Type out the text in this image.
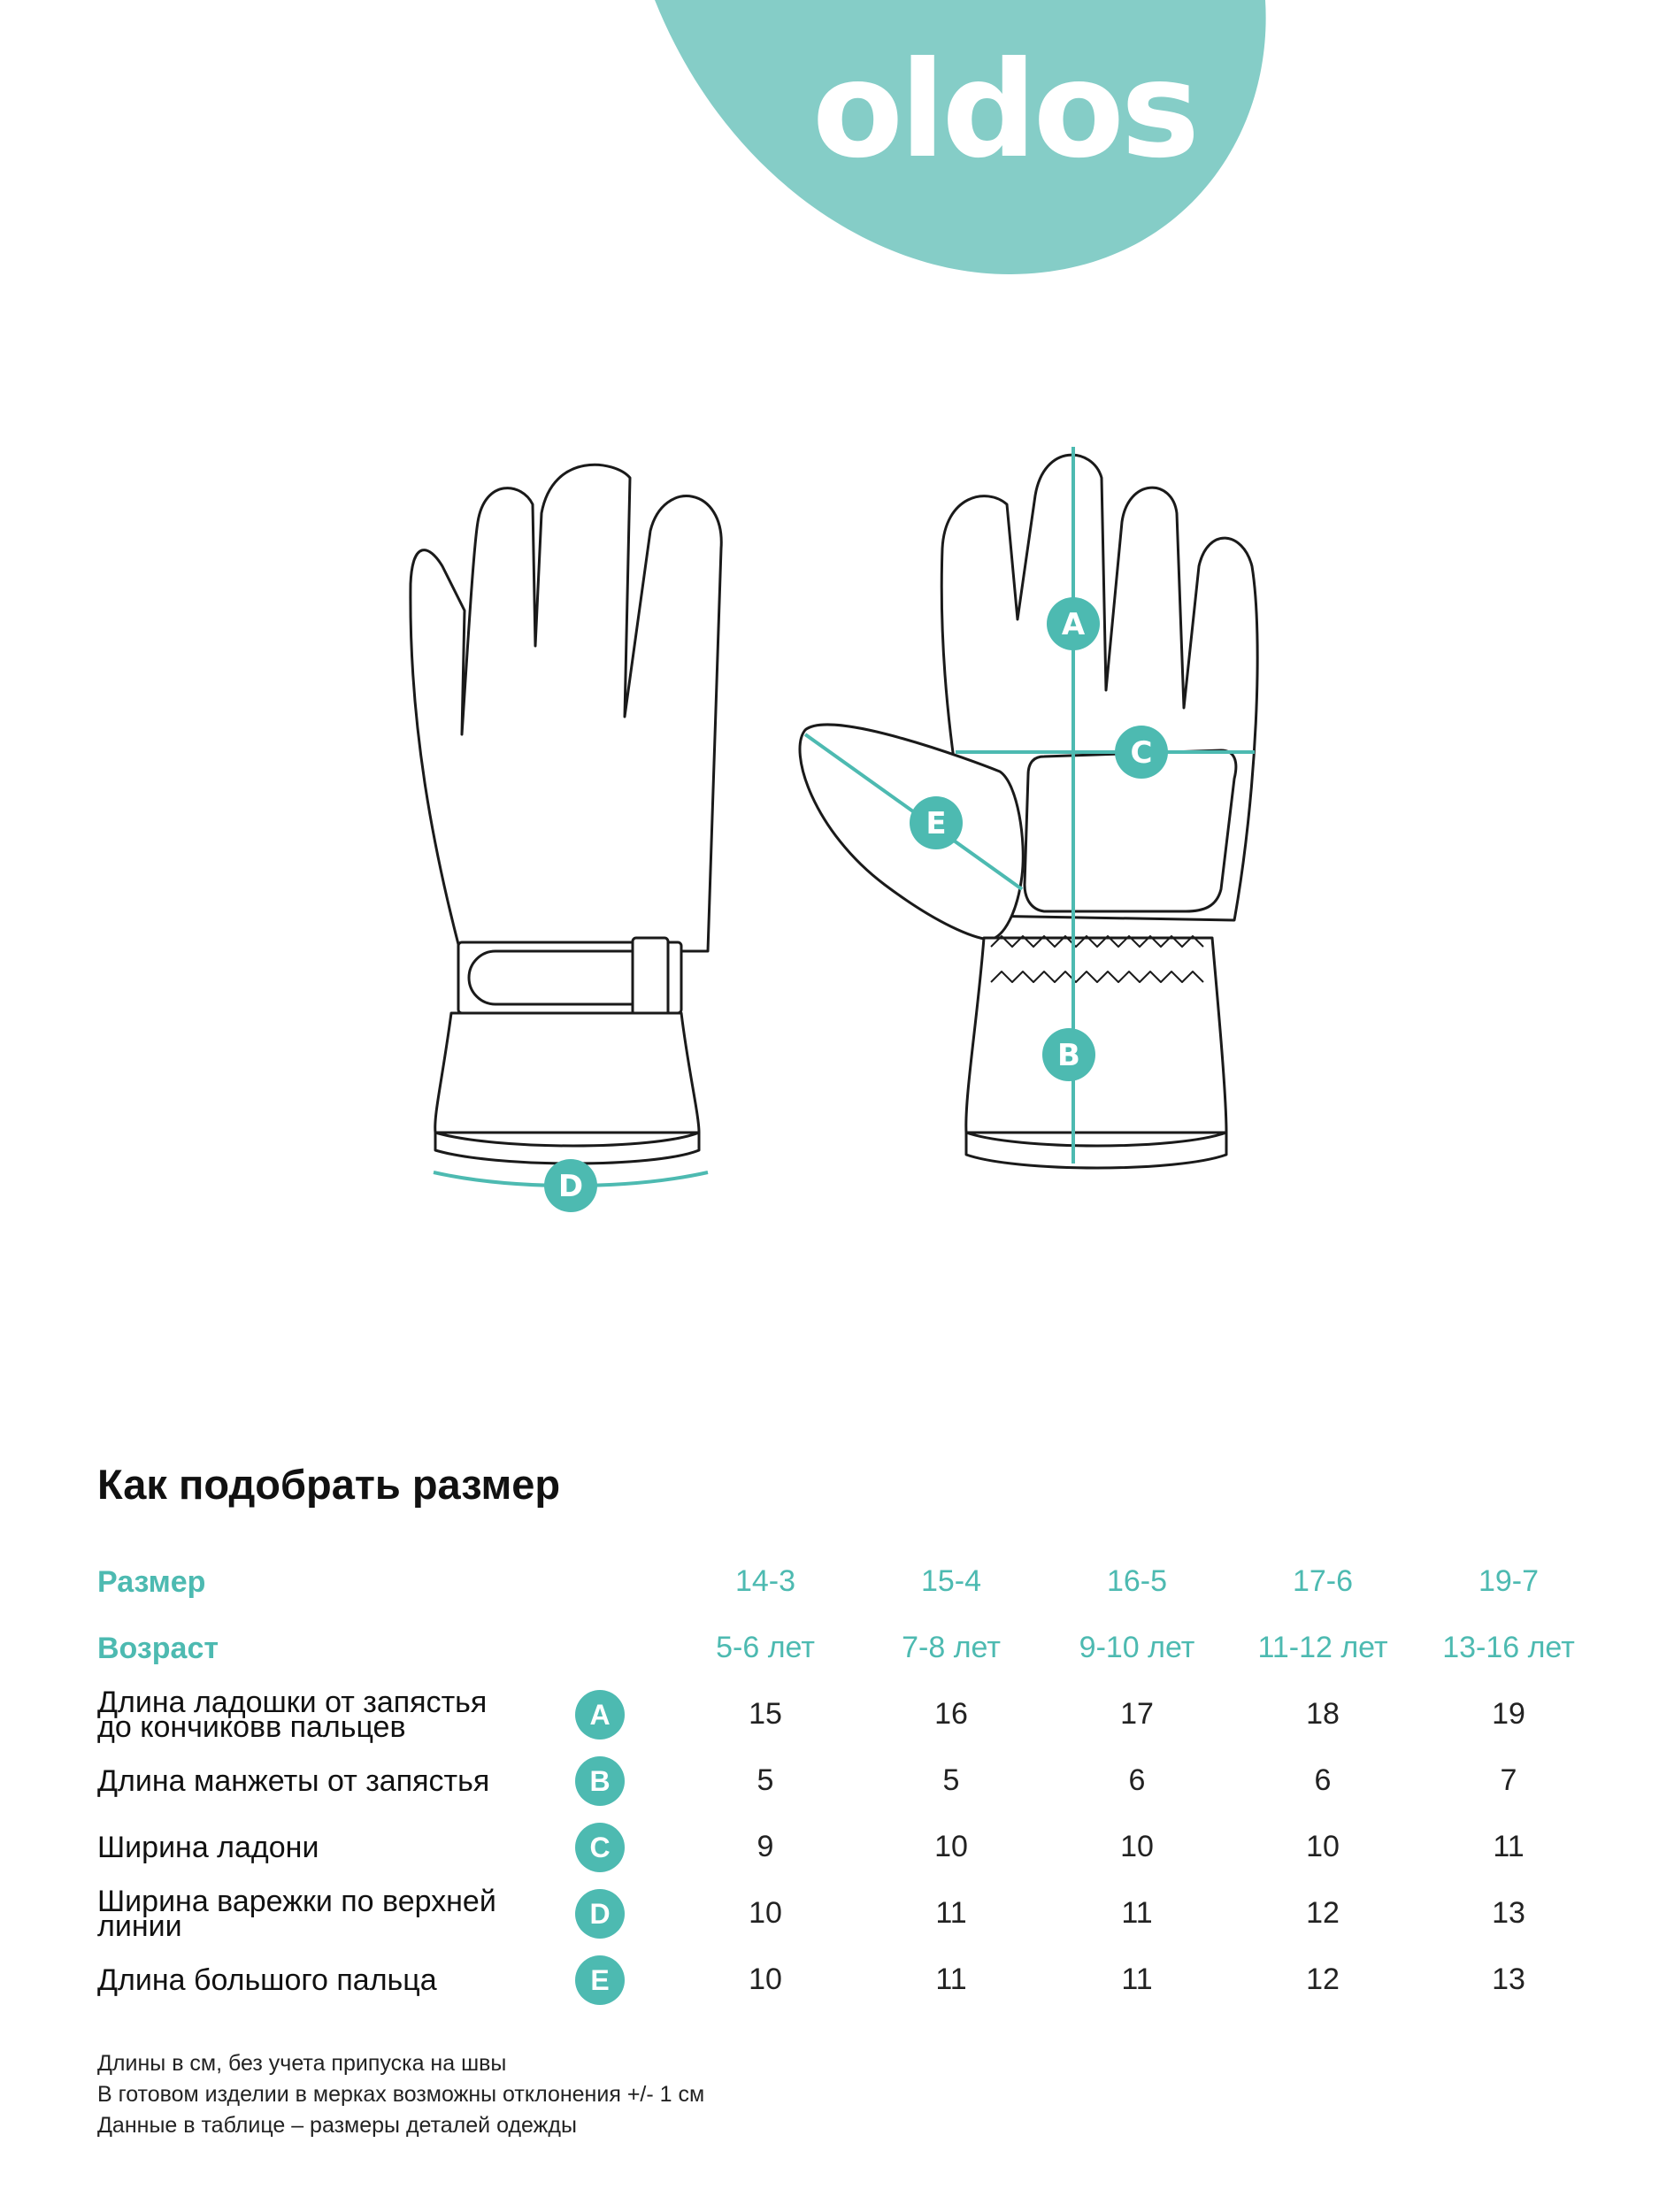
oldos
A
B
C
D
E
Как подобрать размер
Размер		14-3	15-4	16-5	17-6	19-7
Возраст		5-6 лет	7-8 лет	9-10 лет	11-12 лет	13-16 лет
Длина ладошки от запястья
до кончиковв пальцев	A	15	16	17	18	19
Длина манжеты от запястья	B	5	5	6	6	7
Ширина ладони	C	9	10	10	10	11
Ширина варежки по верхней линии	D	10	11	11	12	13
Длина большого пальца	E	10	11	11	12	13
Длины в см, без учета припуска на швы
В готовом изделии в мерках возможны отклонения +/- 1 см
Данные в таблице – размеры деталей одежды
